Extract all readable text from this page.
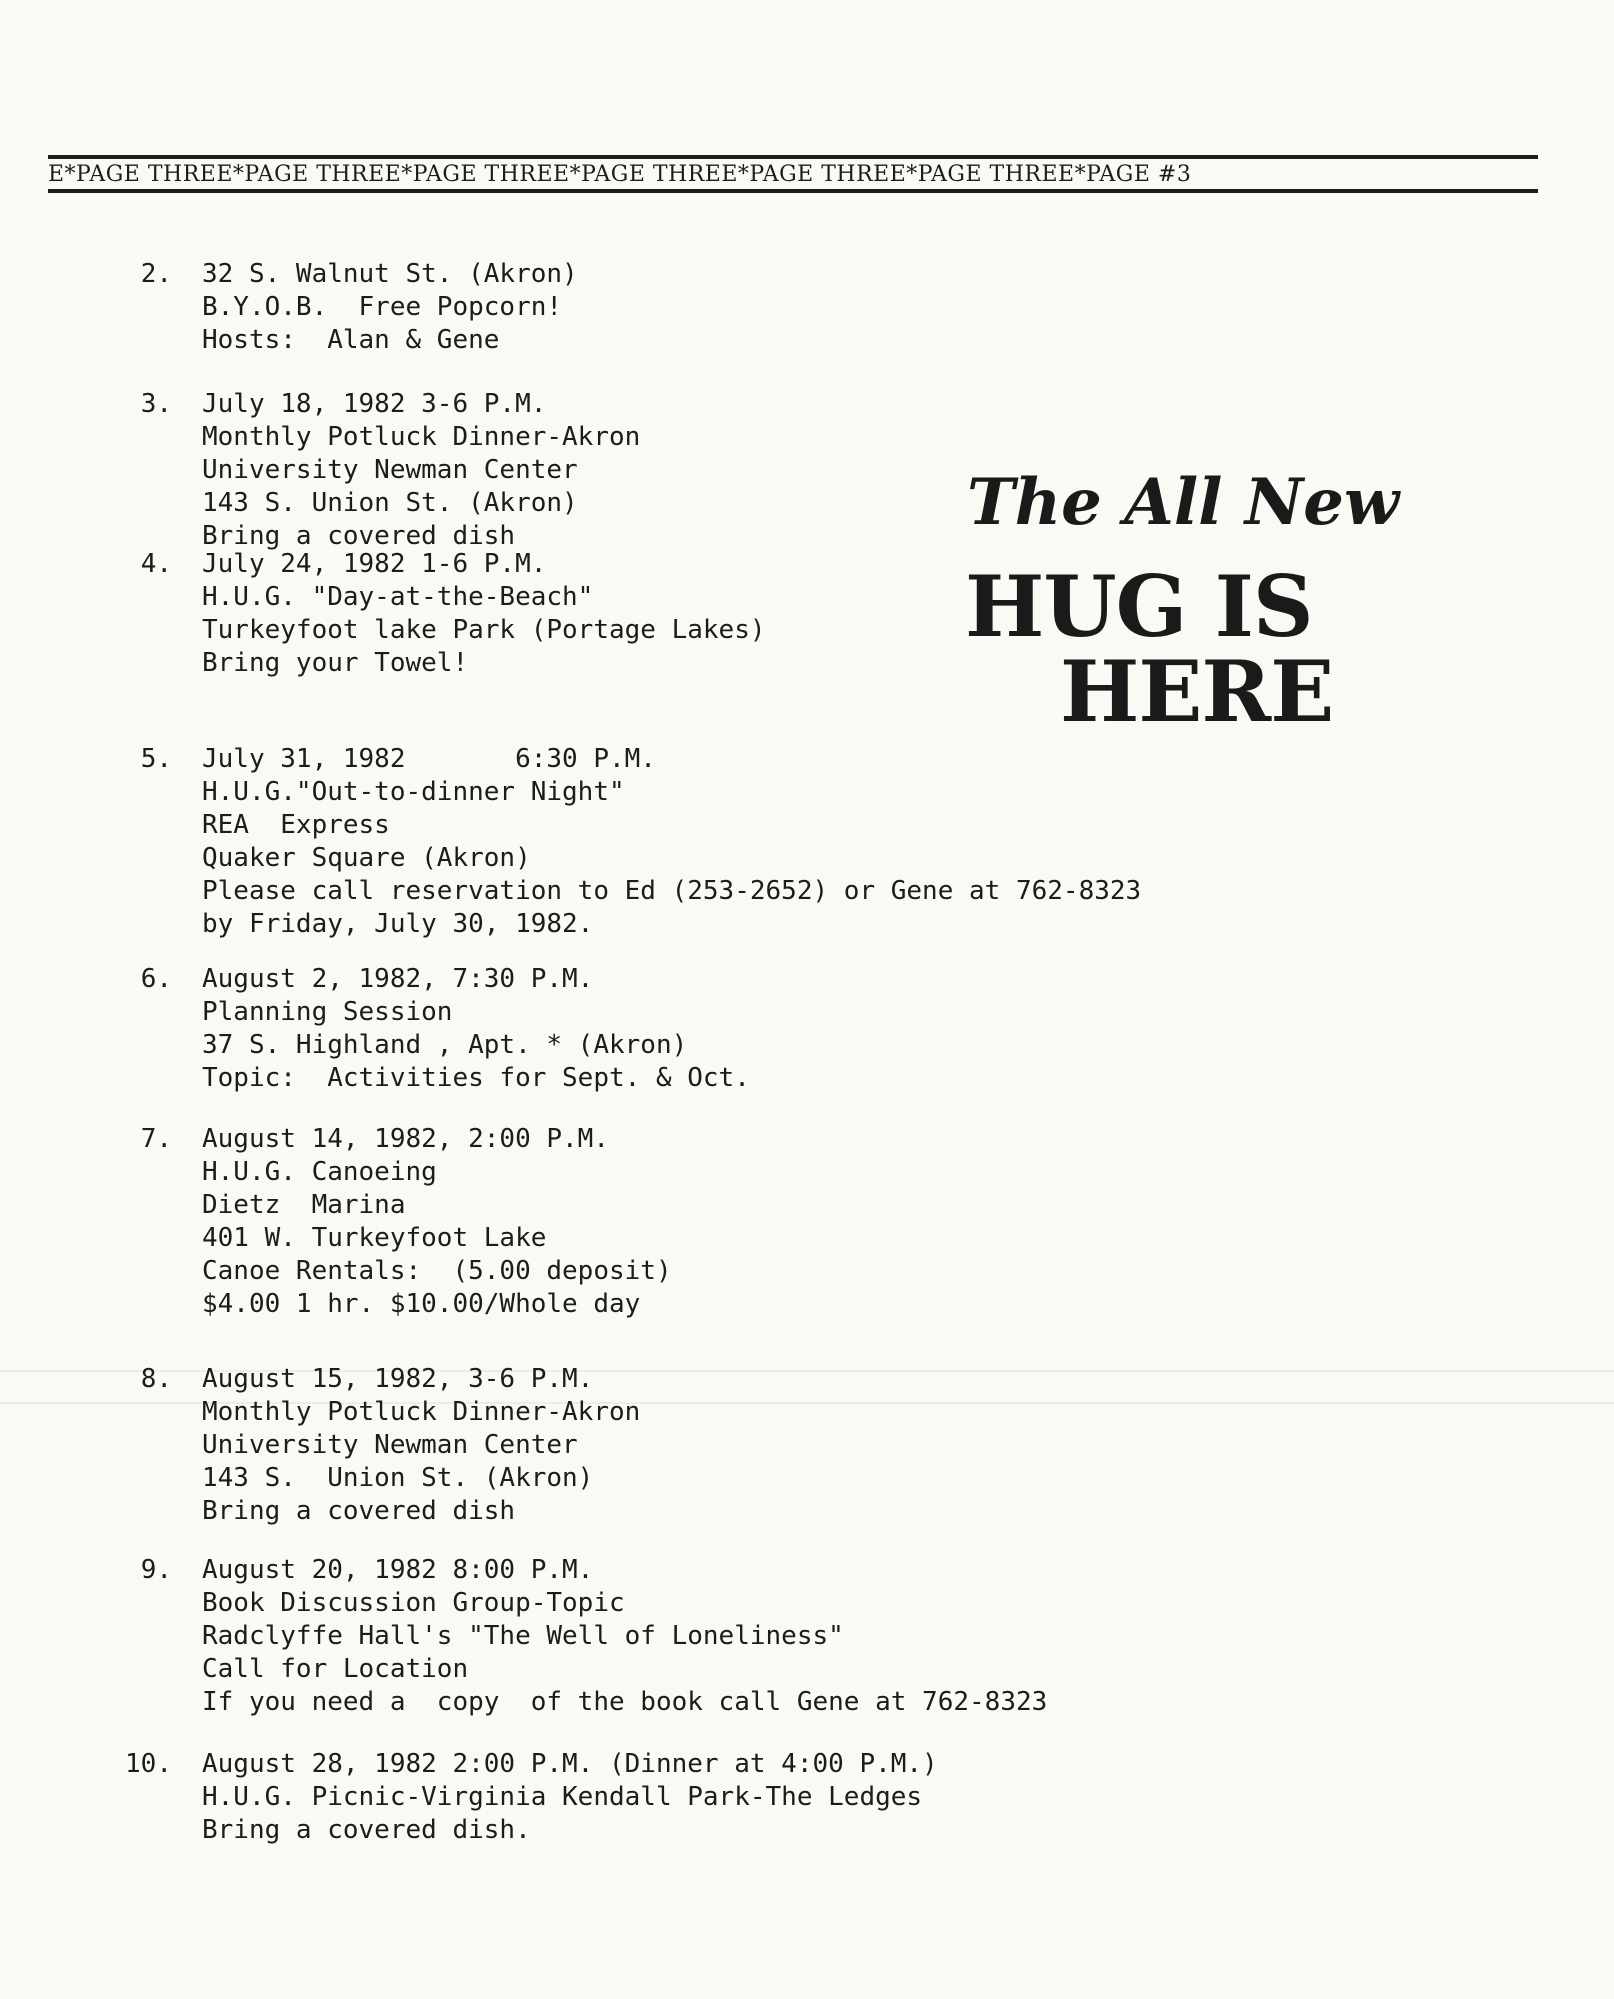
E*PAGE THREE*PAGE THREE*PAGE THREE*PAGE THREE*PAGE THREE*PAGE THREE*PAGE #3
The All New
HUG IS
HERE
2. 32 S. Walnut St. (Akron)
B.Y.O.B.  Free Popcorn!
Hosts:  Alan & Gene
3. July 18, 1982 3-6 P.M.
Monthly Potluck Dinner-Akron
University Newman Center
143 S. Union St. (Akron)
Bring a covered dish
4. July 24, 1982 1-6 P.M.
H.U.G. "Day-at-the-Beach"
Turkeyfoot lake Park (Portage Lakes)
Bring your Towel!
5. July 31, 1982       6:30 P.M.
H.U.G."Out-to-dinner Night"
REA  Express
Quaker Square (Akron)
Please call reservation to Ed (253-2652) or Gene at 762-8323
by Friday, July 30, 1982.
6. August 2, 1982, 7:30 P.M.
Planning Session
37 S. Highland , Apt. * (Akron)
Topic:  Activities for Sept. & Oct.
7. August 14, 1982, 2:00 P.M.
H.U.G. Canoeing
Dietz  Marina
401 W. Turkeyfoot Lake
Canoe Rentals:  (5.00 deposit)
$4.00 1 hr. $10.00/Whole day
8. August 15, 1982, 3-6 P.M.
Monthly Potluck Dinner-Akron
University Newman Center
143 S.  Union St. (Akron)
Bring a covered dish
9. August 20, 1982 8:00 P.M.
Book Discussion Group-Topic
Radclyffe Hall's "The Well of Loneliness"
Call for Location
If you need a  copy  of the book call Gene at 762-8323
10. August 28, 1982 2:00 P.M. (Dinner at 4:00 P.M.)
H.U.G. Picnic-Virginia Kendall Park-The Ledges
Bring a covered dish.
